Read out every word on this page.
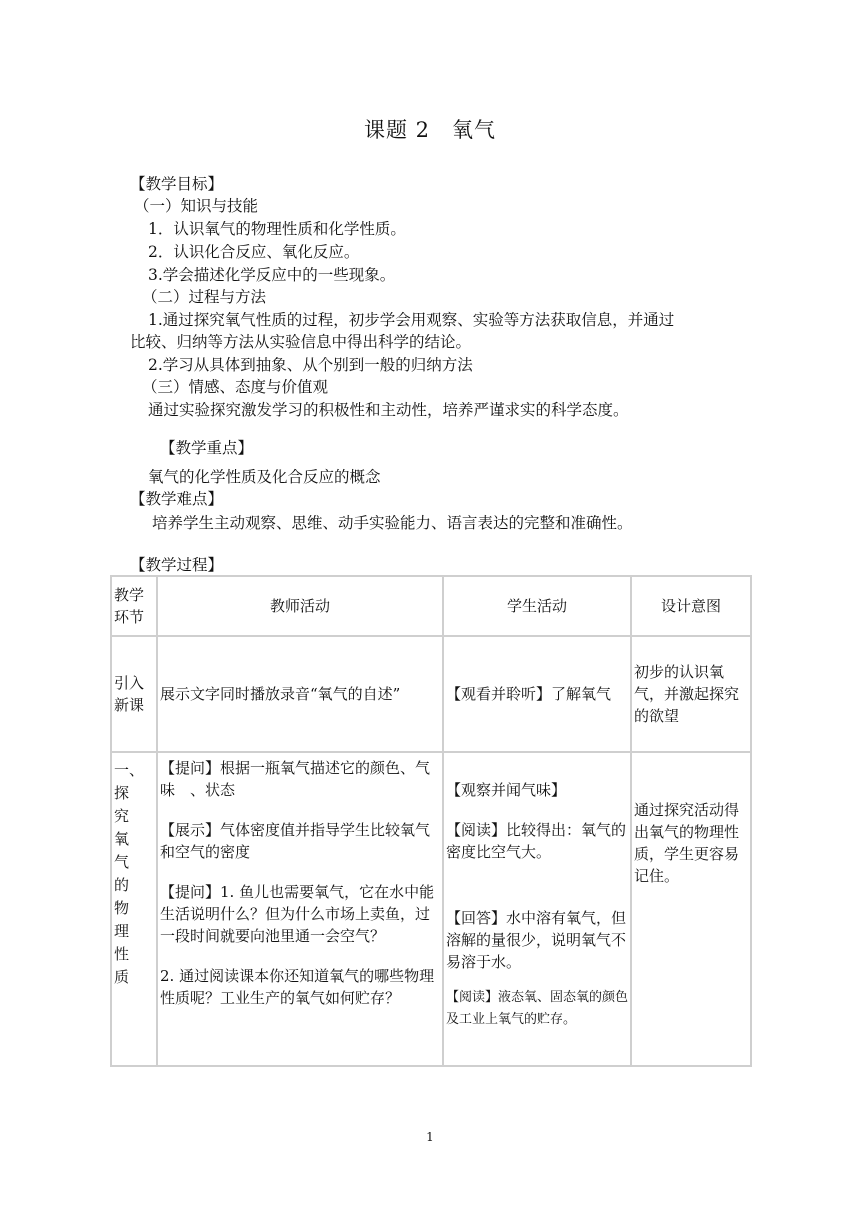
课题 2　氧气
【教学目标】
（一）知识与技能
1．认识氧气的物理性质和化学性质。
2．认识化合反应、氧化反应。
3.学会描述化学反应中的一些现象。
（二）过程与方法
1.通过探究氧气性质的过程，初步学会用观察、实验等方法获取信息，并通过
比较、归纳等方法从实验信息中得出科学的结论。
2.学习从具体到抽象、从个别到一般的归纳方法
（三）情感、态度与价值观
通过实验探究激发学习的积极性和主动性，培养严谨求实的科学态度。
【教学重点】
氧气的化学性质及化合反应的概念
【教学难点】
培养学生主动观察、思维、动手实验能力、语言表达的完整和准确性。
【教学过程】
教学环节	教师活动	学生活动	设计意图
引入新课	展示文字同时播放录音“氧气的自述”	【观看并聆听】了解氧气	初步的认识氧气，并激起探究的欲望

一、探究氧气的物理性质	【提问】根据一瓶氧气描述它的颜色、气味　、状态
【展示】气体密度值并指导学生比较氧气和空气的密度
【提问】1. 鱼儿也需要氧气，它在水中能生活说明什么？但为什么市场上卖鱼，过一段时间就要向池里通一会空气？
2. 通过阅读课本你还知道氧气的哪些物理性质呢？工业生产的氧气如何贮存？	【观察并闻气味】
【阅读】比较得出：氧气的密度比空气大。
【回答】水中溶有氧气，但溶解的量很少，说明氧气不易溶于水。
【阅读】液态氧、固态氧的颜色及工业上氧气的贮存。	通过探究活动得出氧气的物理性质，学生更容易记住。
1
